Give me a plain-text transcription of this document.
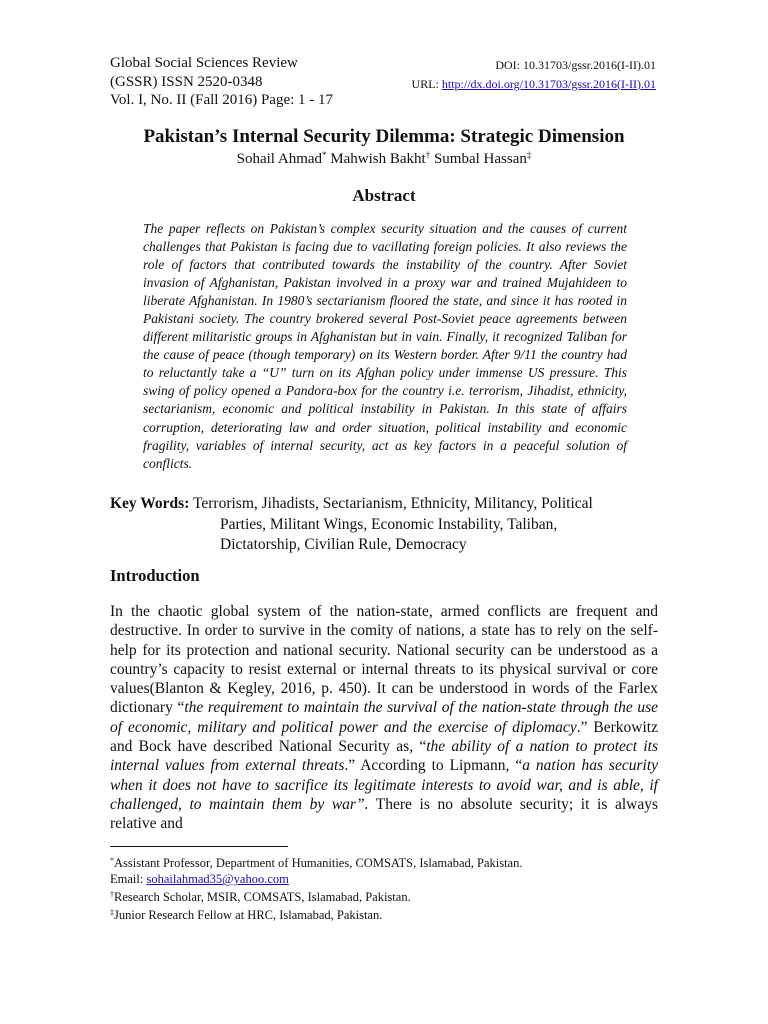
Global Social Sciences Review
(GSSR) ISSN 2520-0348
Vol. I, No. II (Fall 2016) Page: 1 - 17
DOI: 10.31703/gssr.2016(I-II).01
URL: http://dx.doi.org/10.31703/gssr.2016(I-II).01
Pakistan’s Internal Security Dilemma: Strategic Dimension
Sohail Ahmad* Mahwish Bakht† Sumbal Hassan‡
Abstract
The paper reflects on Pakistan’s complex security situation and the causes of current challenges that Pakistan is facing due to vacillating foreign policies. It also reviews the role of factors that contributed towards the instability of the country. After Soviet invasion of Afghanistan, Pakistan involved in a proxy war and trained Mujahideen to liberate Afghanistan. In 1980’s sectarianism floored the state, and since it has rooted in Pakistani society. The country brokered several Post-Soviet peace agreements between different militaristic groups in Afghanistan but in vain. Finally, it recognized Taliban for the cause of peace (though temporary) on its Western border. After 9/11 the country had to reluctantly take a “U” turn on its Afghan policy under immense US pressure. This swing of policy opened a Pandora-box for the country i.e. terrorism, Jihadist, ethnicity, sectarianism, economic and political instability in Pakistan. In this state of affairs corruption, deteriorating law and order situation, political instability and economic fragility, variables of internal security, act as key factors in a peaceful solution of conflicts.
Key Words: Terrorism, Jihadists, Sectarianism, Ethnicity, Militancy, Political
Parties, Militant Wings, Economic Instability, Taliban,
Dictatorship, Civilian Rule, Democracy
Introduction
In the chaotic global system of the nation-state, armed conflicts are frequent and destructive. In order to survive in the comity of nations, a state has to rely on the self-help for its protection and national security. National security can be understood as a country’s capacity to resist external or internal threats to its physical survival or core values(Blanton & Kegley, 2016, p. 450). It can be understood in words of the Farlex dictionary “the requirement to maintain the survival of the nation-state through the use of economic, military and political power and the exercise of diplomacy.” Berkowitz and Bock have described National Security as, “the ability of a nation to protect its internal values from external threats.” According to Lipmann, “a nation has security when it does not have to sacrifice its legitimate interests to avoid war, and is able, if challenged, to maintain them by war”. There is no absolute security; it is always relative and
*Assistant Professor, Department of Humanities, COMSATS, Islamabad, Pakistan.
Email: sohailahmad35@yahoo.com
†Research Scholar, MSIR, COMSATS, Islamabad, Pakistan.
‡Junior Research Fellow at HRC, Islamabad, Pakistan.
